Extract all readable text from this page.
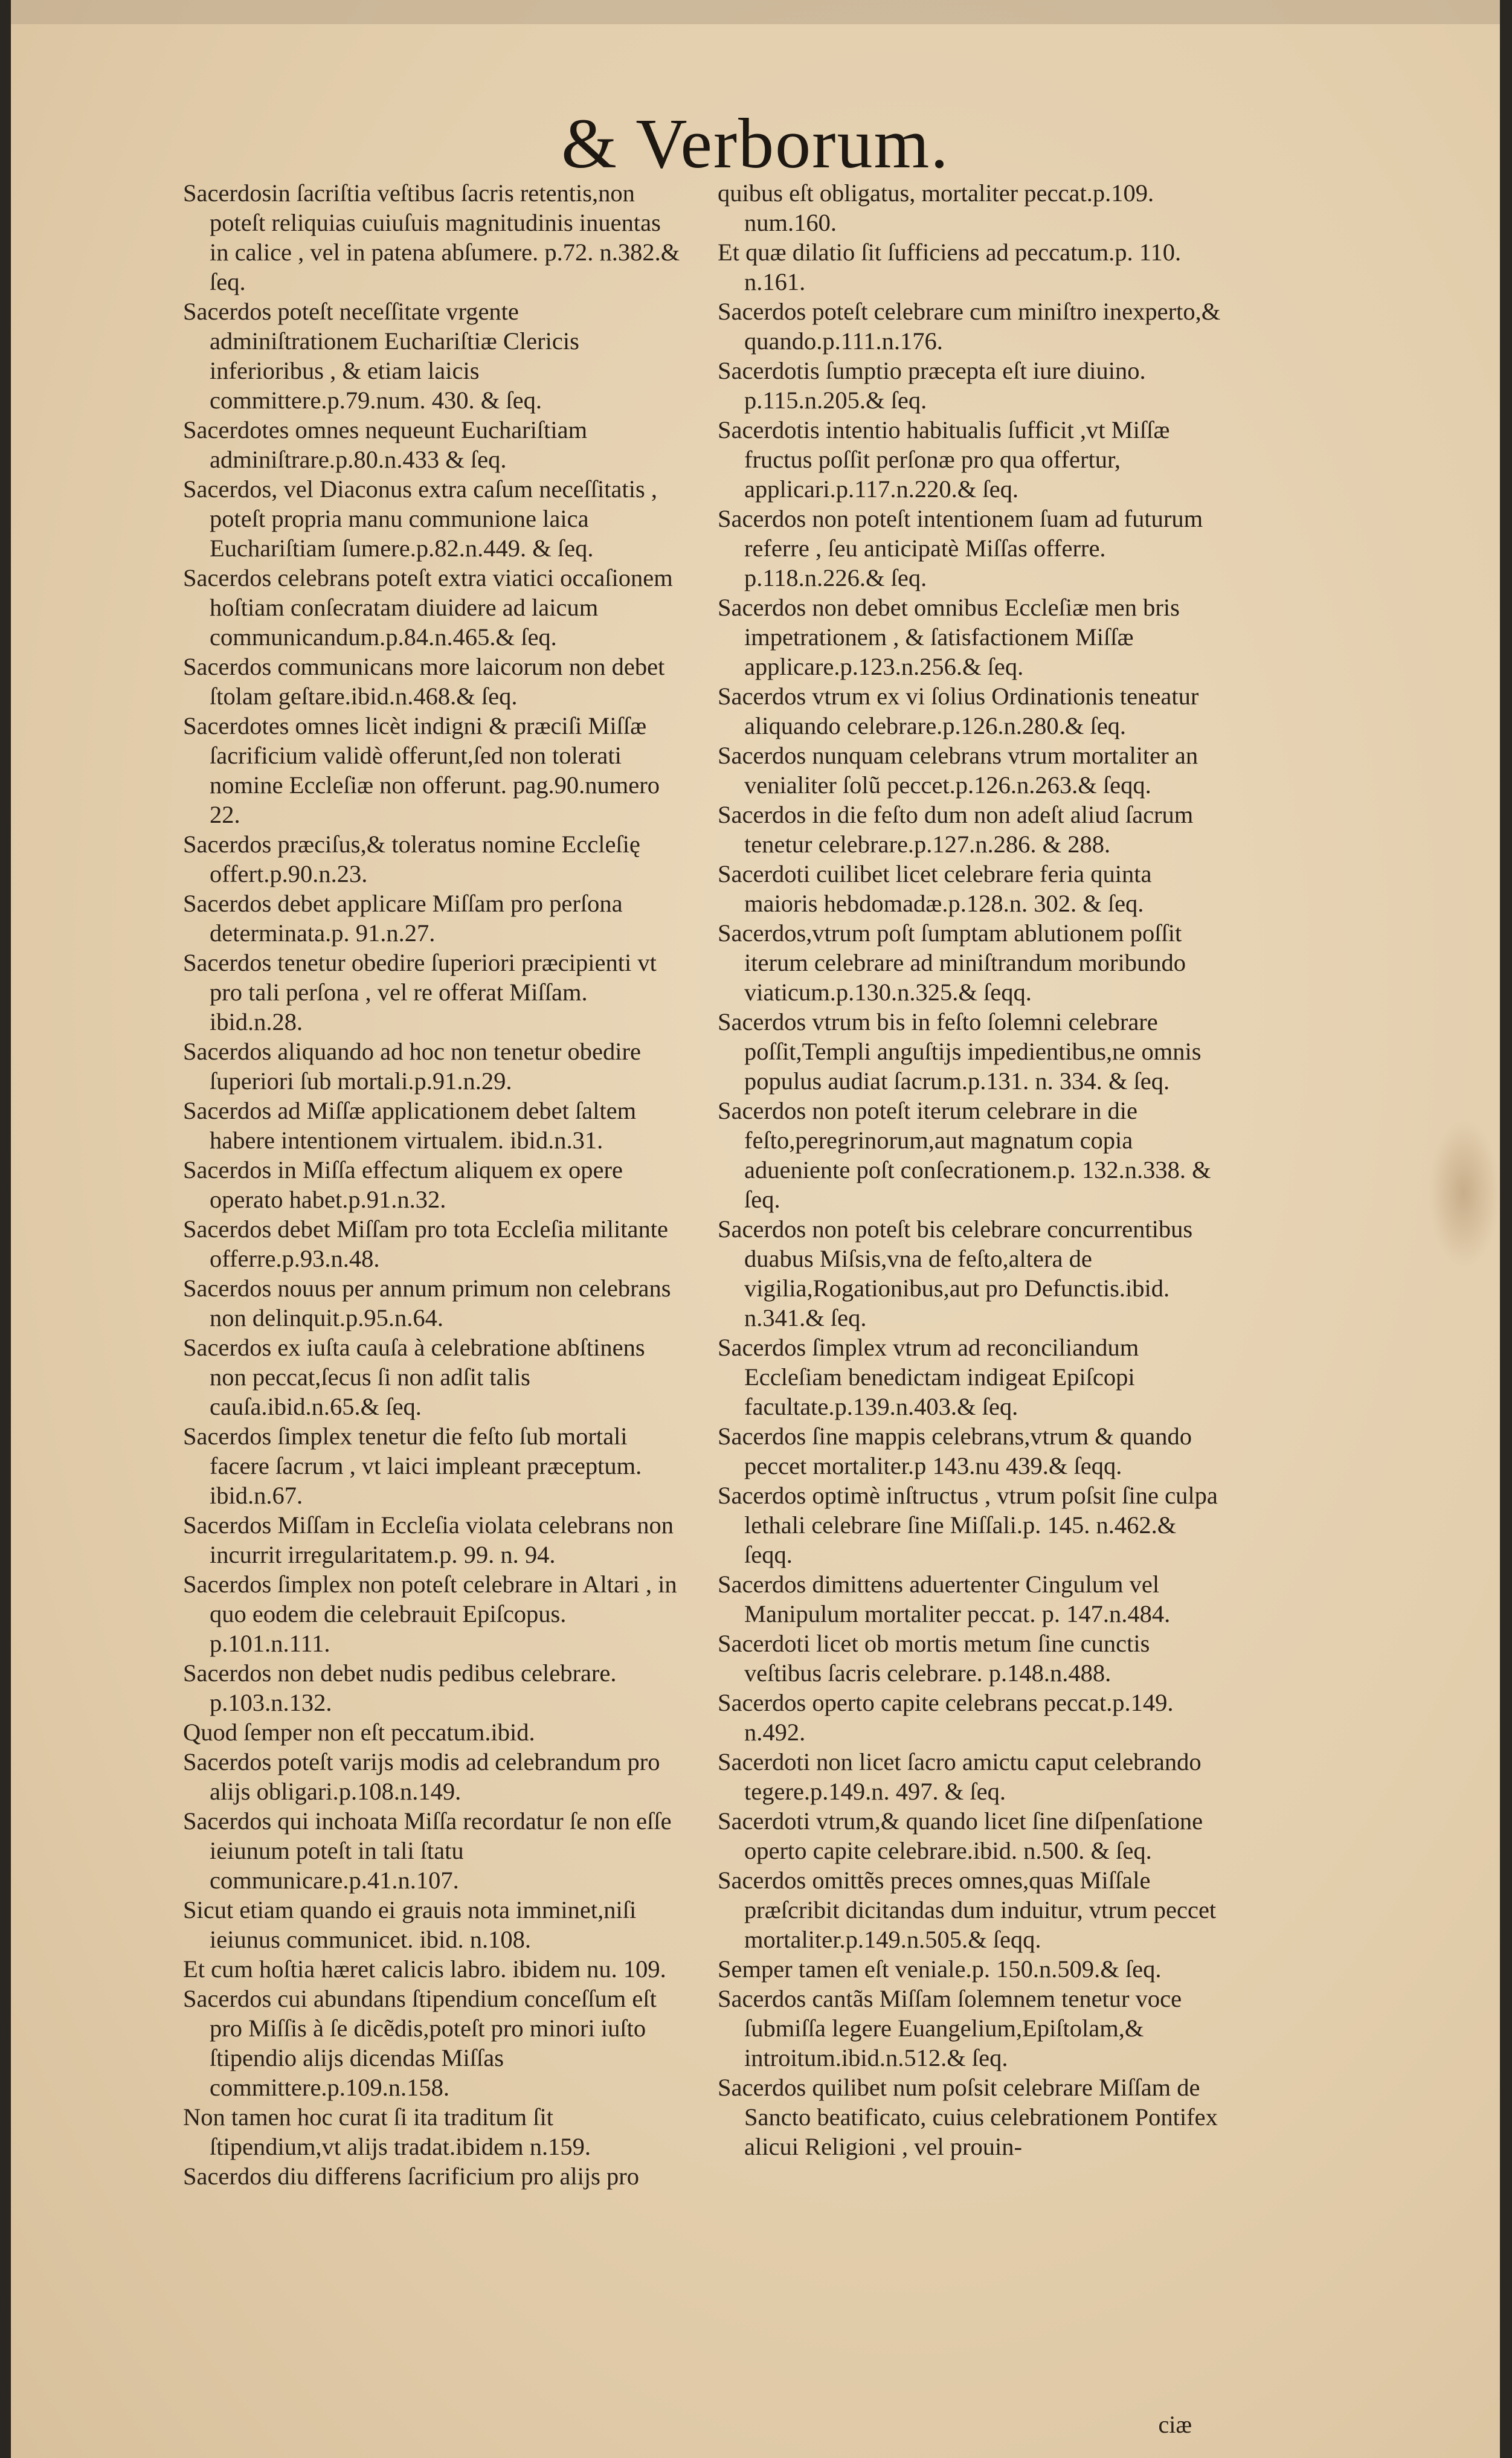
& Verborum.

Sacerdosin ſacriſtia veſtibus ſacris retentis,non poteſt reliquias cuiuſuis magnitudinis inuentas in calice , vel in patena abſumere. p.72. n.382.& ſeq.

Sacerdos poteſt neceſſitate vrgente adminiſtrationem Euchariſtiæ Clericis inferioribus , & etiam laicis committere.p.79.num. 430. & ſeq.

Sacerdotes omnes nequeunt Euchariſtiam adminiſtrare.p.80.n.433 & ſeq.

Sacerdos, vel Diaconus extra caſum neceſſitatis , poteſt propria manu communione laica Euchariſtiam ſumere.p.82.n.449. & ſeq.

Sacerdos celebrans poteſt extra viatici occaſionem hoſtiam conſecratam diuidere ad laicum communicandum.p.84.n.465.& ſeq.

Sacerdos communicans more laicorum non debet ſtolam geſtare.ibid.n.468.& ſeq.

Sacerdotes omnes licèt indigni & præciſi Miſſæ ſacrificium validè offerunt,ſed non tolerati nomine Eccleſiæ non offerunt. pag.90.numero 22.

Sacerdos præciſus,& toleratus nomine Eccleſię offert.p.90.n.23.

Sacerdos debet applicare Miſſam pro perſona determinata.p. 91.n.27.

Sacerdos tenetur obedire ſuperiori præcipienti vt pro tali perſona , vel re offerat Miſſam. ibid.n.28.

Sacerdos aliquando ad hoc non tenetur obedire ſuperiori ſub mortali.p.91.n.29.

Sacerdos ad Miſſæ applicationem debet ſaltem habere intentionem virtualem. ibid.n.31.

Sacerdos in Miſſa effectum aliquem ex opere operato habet.p.91.n.32.

Sacerdos debet Miſſam pro tota Eccleſia militante offerre.p.93.n.48.

Sacerdos nouus per annum primum non celebrans non delinquit.p.95.n.64.

Sacerdos ex iuſta cauſa à celebratione abſtinens non peccat,ſecus ſi non adſit talis cauſa.ibid.n.65.& ſeq.

Sacerdos ſimplex tenetur die feſto ſub mortali facere ſacrum , vt laici impleant præceptum. ibid.n.67.

Sacerdos Miſſam in Eccleſia violata celebrans non incurrit irregularitatem.p. 99. n. 94.

Sacerdos ſimplex non poteſt celebrare in Altari , in quo eodem die celebrauit Epiſcopus. p.101.n.111.

Sacerdos non debet nudis pedibus celebrare. p.103.n.132.

Quod ſemper non eſt peccatum.ibid.

Sacerdos poteſt varijs modis ad celebrandum pro alijs obligari.p.108.n.149.

Sacerdos qui inchoata Miſſa recordatur ſe non eſſe ieiunum poteſt in tali ſtatu communicare.p.41.n.107.

Sicut etiam quando ei grauis nota imminet,niſi ieiunus communicet. ibid. n.108.

Et cum hoſtia hæret calicis labro. ibidem nu. 109.

Sacerdos cui abundans ſtipendium conceſſum eſt pro Miſſis à ſe dicẽdis,poteſt pro minori iuſto ſtipendio alijs dicendas Miſſas committere.p.109.n.158.

Non tamen hoc curat ſi ita traditum ſit ſtipendium,vt alijs tradat.ibidem n.159.

Sacerdos diu differens ſacrificium pro alijs pro

quibus eſt obligatus, mortaliter peccat.p.109. num.160.

Et quæ dilatio ſit ſufficiens ad peccatum.p. 110. n.161.

Sacerdos poteſt celebrare cum miniſtro inexperto,& quando.p.111.n.176.

Sacerdotis ſumptio præcepta eſt iure diuino. p.115.n.205.& ſeq.

Sacerdotis intentio habitualis ſufficit ,vt Miſſæ fructus poſſit perſonæ pro qua offertur, applicari.p.117.n.220.& ſeq.

Sacerdos non poteſt intentionem ſuam ad futurum referre , ſeu anticipatè Miſſas offerre. p.118.n.226.& ſeq.

Sacerdos non debet omnibus Eccleſiæ men bris impetrationem , & ſatisfactionem Miſſæ applicare.p.123.n.256.& ſeq.

Sacerdos vtrum ex vi ſolius Ordinationis teneatur aliquando celebrare.p.126.n.280.& ſeq.

Sacerdos nunquam celebrans vtrum mortaliter an venialiter ſolũ peccet.p.126.n.263.& ſeqq.

Sacerdos in die feſto dum non adeſt aliud ſacrum tenetur celebrare.p.127.n.286. & 288.

Sacerdoti cuilibet licet celebrare feria quinta maioris hebdomadæ.p.128.n. 302. & ſeq.

Sacerdos,vtrum poſt ſumptam ablutionem poſſit iterum celebrare ad miniſtrandum moribundo viaticum.p.130.n.325.& ſeqq.

Sacerdos vtrum bis in feſto ſolemni celebrare poſſit,Templi anguſtijs impedientibus,ne omnis populus audiat ſacrum.p.131. n. 334. & ſeq.

Sacerdos non poteſt iterum celebrare in die feſto,peregrinorum,aut magnatum copia adueniente poſt conſecrationem.p. 132.n.338. & ſeq.

Sacerdos non poteſt bis celebrare concurrentibus duabus Miſsis,vna de feſto,altera de vigilia,Rogationibus,aut pro Defunctis.ibid. n.341.& ſeq.

Sacerdos ſimplex vtrum ad reconciliandum Eccleſiam benedictam indigeat Epiſcopi facultate.p.139.n.403.& ſeq.

Sacerdos ſine mappis celebrans,vtrum & quando peccet mortaliter.p 143.nu 439.& ſeqq.

Sacerdos optimè inſtructus , vtrum poſsit ſine culpa lethali celebrare ſine Miſſali.p. 145. n.462.& ſeqq.

Sacerdos dimittens aduertenter Cingulum vel Manipulum mortaliter peccat. p. 147.n.484.

Sacerdoti licet ob mortis metum ſine cunctis veſtibus ſacris celebrare. p.148.n.488.

Sacerdos operto capite celebrans peccat.p.149. n.492.

Sacerdoti non licet ſacro amictu caput celebrando tegere.p.149.n. 497. & ſeq.

Sacerdoti vtrum,& quando licet ſine diſpenſatione operto capite celebrare.ibid. n.500. & ſeq.

Sacerdos omittẽs preces omnes,quas Miſſale præſcribit dicitandas dum induitur, vtrum peccet mortaliter.p.149.n.505.& ſeqq.

Semper tamen eſt veniale.p. 150.n.509.& ſeq.

Sacerdos cantãs Miſſam ſolemnem tenetur voce ſubmiſſa legere Euangelium,Epiſtolam,& introitum.ibid.n.512.& ſeq.

Sacerdos quilibet num poſsit celebrare Miſſam de Sancto beatificato, cuius celebrationem Pontifex alicui Religioni , vel prouin-

ciæ
